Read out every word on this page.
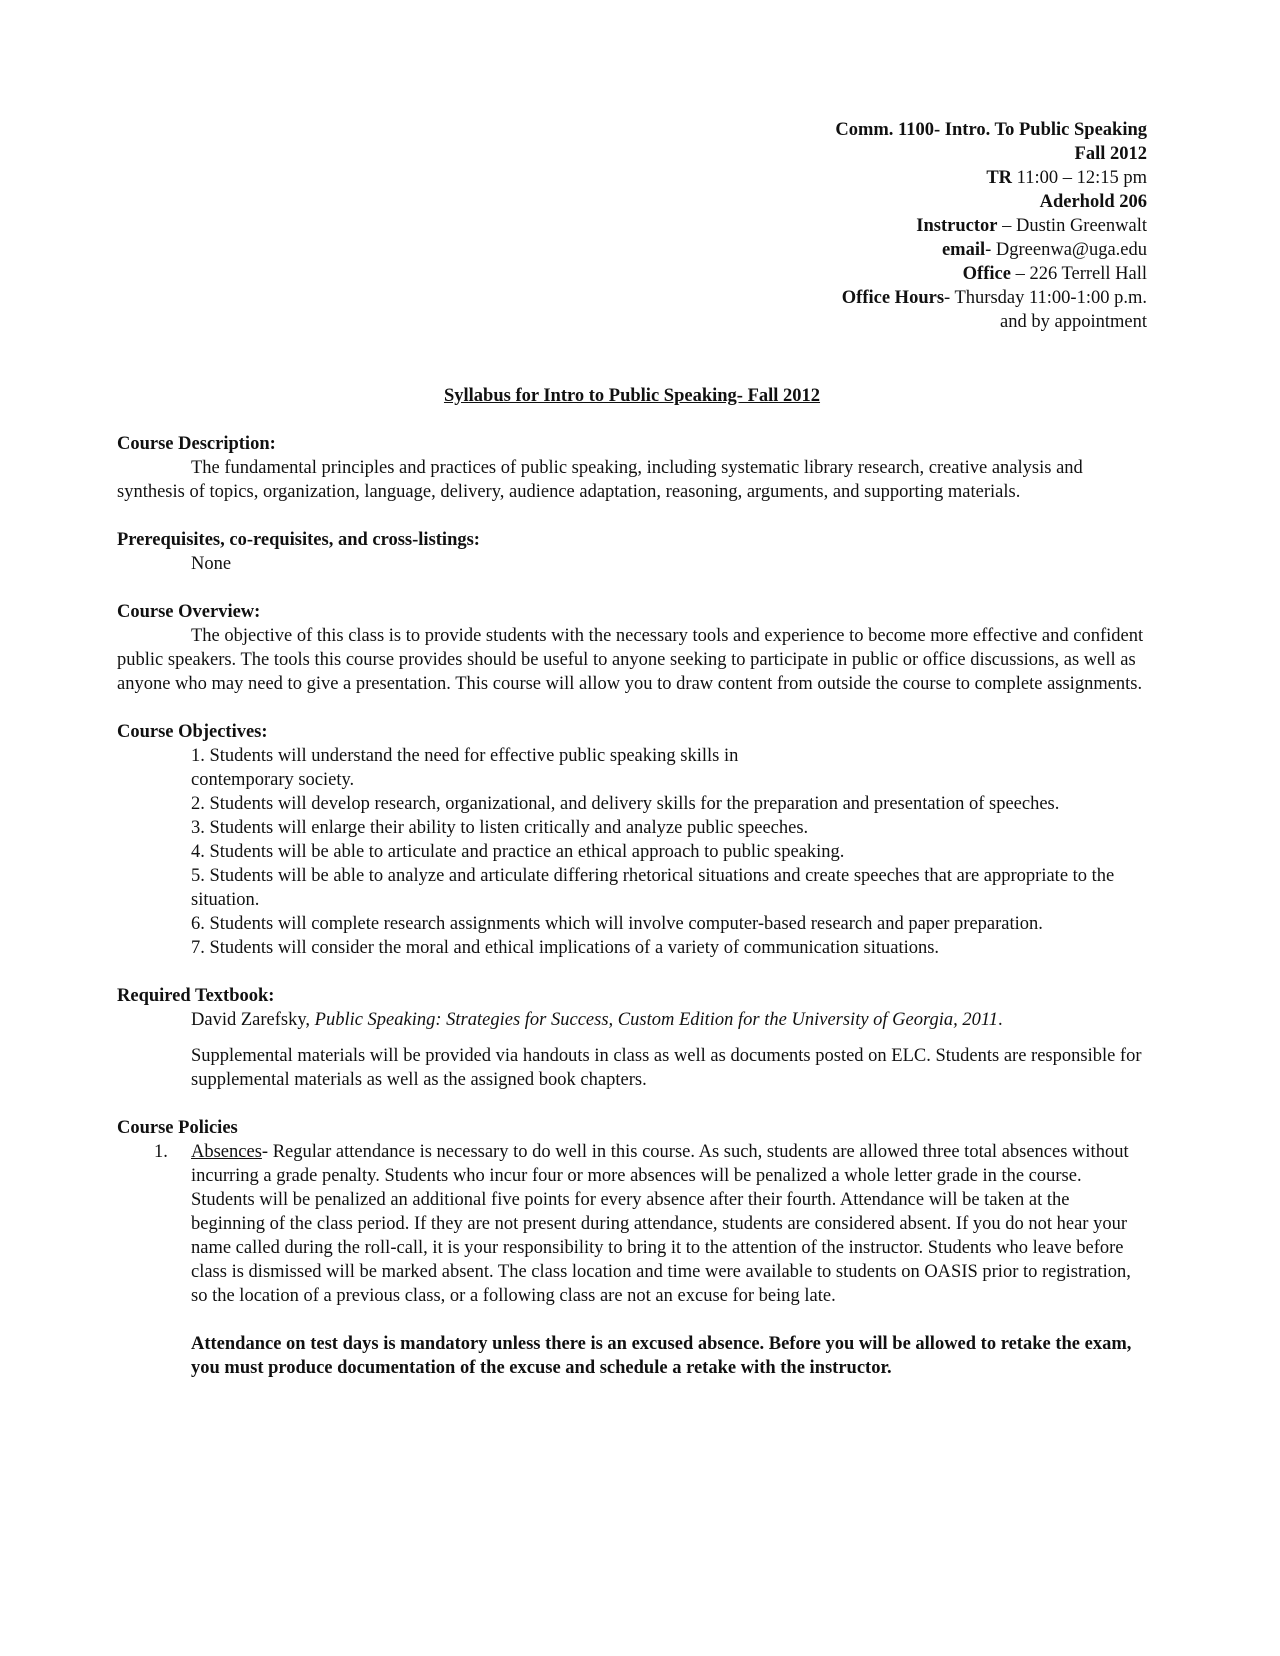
Comm. 1100- Intro. To Public Speaking
Fall 2012
TR 11:00 – 12:15 pm
Aderhold 206
Instructor – Dustin Greenwalt
email- Dgreenwa@uga.edu
Office – 226 Terrell Hall
Office Hours- Thursday 11:00-1:00 p.m.
and by appointment
Syllabus for Intro to Public Speaking- Fall 2012
Course Description:
The fundamental principles and practices of public speaking, including systematic library research, creative analysis and synthesis of topics, organization, language, delivery, audience adaptation, reasoning, arguments, and supporting materials.
Prerequisites, co-requisites, and cross-listings:
None
Course Overview:
The objective of this class is to provide students with the necessary tools and experience to become more effective and confident public speakers. The tools this course provides should be useful to anyone seeking to participate in public or office discussions, as well as anyone who may need to give a presentation. This course will allow you to draw content from outside the course to complete assignments.
Course Objectives:
1. Students will understand the need for effective public speaking skills in
contemporary society.
2. Students will develop research, organizational, and delivery skills for the preparation and presentation of speeches.
3. Students will enlarge their ability to listen critically and analyze public speeches.
4. Students will be able to articulate and practice an ethical approach to public speaking.
5. Students will be able to analyze and articulate differing rhetorical situations and create speeches that are appropriate to the situation.
6. Students will complete research assignments which will involve computer-based research and paper preparation.
7. Students will consider the moral and ethical implications of a variety of communication situations.
Required Textbook:
David Zarefsky, Public Speaking: Strategies for Success, Custom Edition for the University of Georgia, 2011.
Supplemental materials will be provided via handouts in class as well as documents posted on ELC. Students are responsible for supplemental materials as well as the assigned book chapters.
Course Policies
1. Absences- Regular attendance is necessary to do well in this course. As such, students are allowed three total absences without incurring a grade penalty. Students who incur four or more absences will be penalized a whole letter grade in the course. Students will be penalized an additional five points for every absence after their fourth. Attendance will be taken at the beginning of the class period. If they are not present during attendance, students are considered absent. If you do not hear your name called during the roll-call, it is your responsibility to bring it to the attention of the instructor. Students who leave before class is dismissed will be marked absent. The class location and time were available to students on OASIS prior to registration, so the location of a previous class, or a following class are not an excuse for being late.
Attendance on test days is mandatory unless there is an excused absence. Before you will be allowed to retake the exam, you must produce documentation of the excuse and schedule a retake with the instructor.
